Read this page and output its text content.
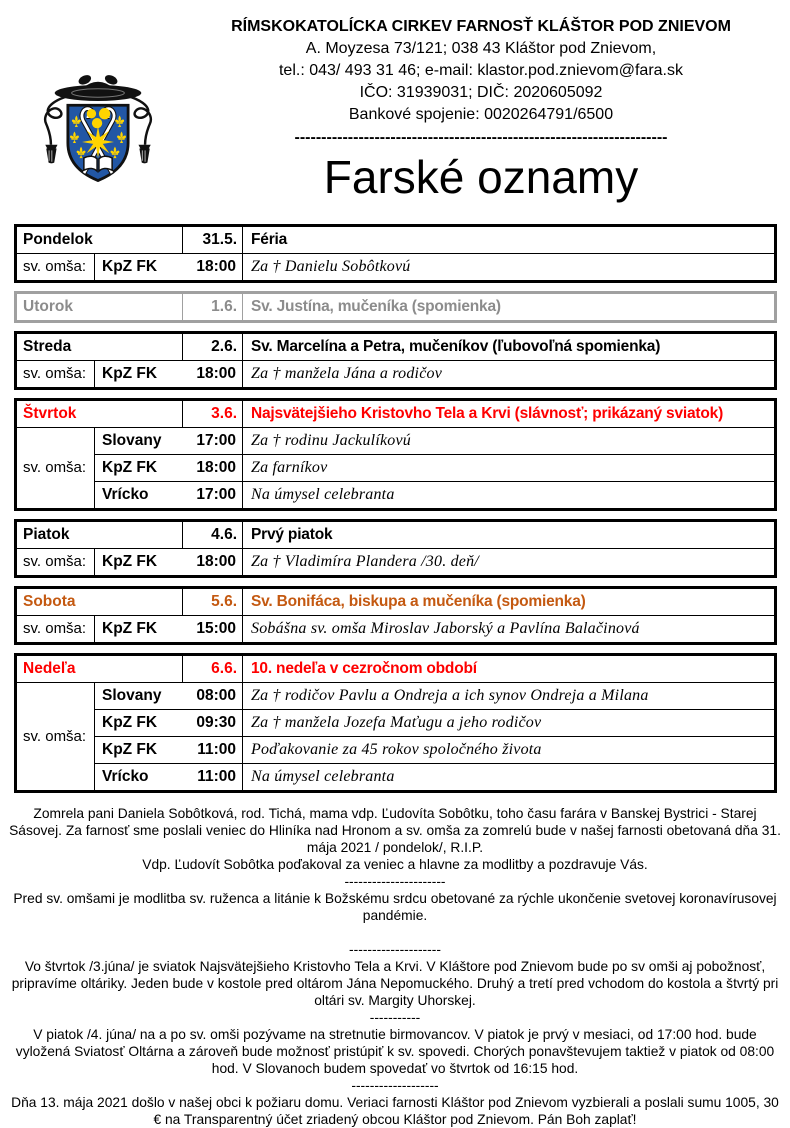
RÍMSKOKATOLÍCKA CIRKEV FARNOSŤ KLÁŠTOR POD ZNIEVOM
A. Moyzesa 73/121; 038 43 Kláštor pod Znievom,
tel.: 043/ 493 31 46; e-mail: klastor.pod.znievom@fara.sk
IČO: 31939031; DIČ: 2020605092
Bankové spojenie: 0020264791/6500
----------------------------------------------------------------------
Farské oznamy
Pondelok		31.5.	Féria
sv. omša:	KpZ FK 18:00		Za † Danielu Sobôtkovú
Utorok	1.6.	Sv. Justína, mučeníka (spomienka)
Streda		2.6.	Sv. Marcelína a Petra, mučeníkov (ľubovoľná spomienka)
sv. omša:	KpZ FK 18:00		Za † manžela Jána a rodičov
Štvrtok		3.6.	Najsvätejšieho Kristovho Tela a Krvi (slávnosť; prikázaný sviatok)
sv. omša:	Slovany 17:00		Za † rodinu Jackulíkovú
	KpZ FK 18:00		Za farníkov
	Vrícko 17:00		Na úmysel celebranta
Piatok		4.6.	Prvý piatok
sv. omša:	KpZ FK 18:00		Za † Vladimíra Plandera /30. deň/
Sobota		5.6.	Sv. Bonifáca, biskupa a mučeníka (spomienka)
sv. omša:	KpZ FK 15:00		Sobášna sv. omša Miroslav Jaborský a Pavlína Balačinová
Nedeľa		6.6.	10. nedeľa v cezročnom období
sv. omša:	Slovany 08:00		Za † rodičov Pavlu a Ondreja a ich synov Ondreja a Milana
	KpZ FK 09:30		Za † manžela Jozefa Maťugu a jeho rodičov
	KpZ FK 11:00		Poďakovanie za 45 rokov spoločného života
	Vrícko 11:00		Na úmysel celebranta

Zomrela pani Daniela Sobôtková, rod. Tichá, mama vdp. Ľudovíta Sobôtku, toho času farára v Banskej Bystrici - Starej Sásovej. Za farnosť sme poslali veniec do Hliníka nad Hronom a sv. omša za zomrelú bude v našej farnosti obetovaná dňa 31. mája 2021 / pondelok/, R.I.P.

Vdp. Ľudovít Sobôtka poďakoval za veniec a hlavne za modlitby a pozdravuje Vás.

----------------------

Pred sv. omšami je modlitba sv. ruženca a litánie k Božskému srdcu obetované za rýchle ukončenie svetovej koronavírusovej pandémie.

--------------------

Vo štvrtok /3.júna/ je sviatok Najsvätejšieho Kristovho Tela a Krvi. V Kláštore pod Znievom bude po sv omši aj pobožnosť, pripravíme oltáriky. Jeden bude v kostole pred oltárom Jána Nepomuckého. Druhý a tretí pred vchodom do kostola a štvrtý pri oltári sv. Margity Uhorskej.

-----------

V piatok /4. júna/ na a po sv. omši pozývame na stretnutie birmovancov. V piatok je prvý v mesiaci, od 17:00 hod. bude vyložená Sviatosť Oltárna a zároveň bude možnosť pristúpiť k sv. spovedi. Chorých ponavštevujem taktiež v piatok od 08:00 hod. V Slovanoch budem spovedať vo štvrtok od 16:15 hod.

-------------------

Dňa 13. mája 2021 došlo v našej obci k požiaru domu. Veriaci farnosti Kláštor pod Znievom vyzbierali a poslali sumu 1005, 30 € na Transparentný účet zriadený obcou Kláštor pod Znievom. Pán Boh zaplať!
